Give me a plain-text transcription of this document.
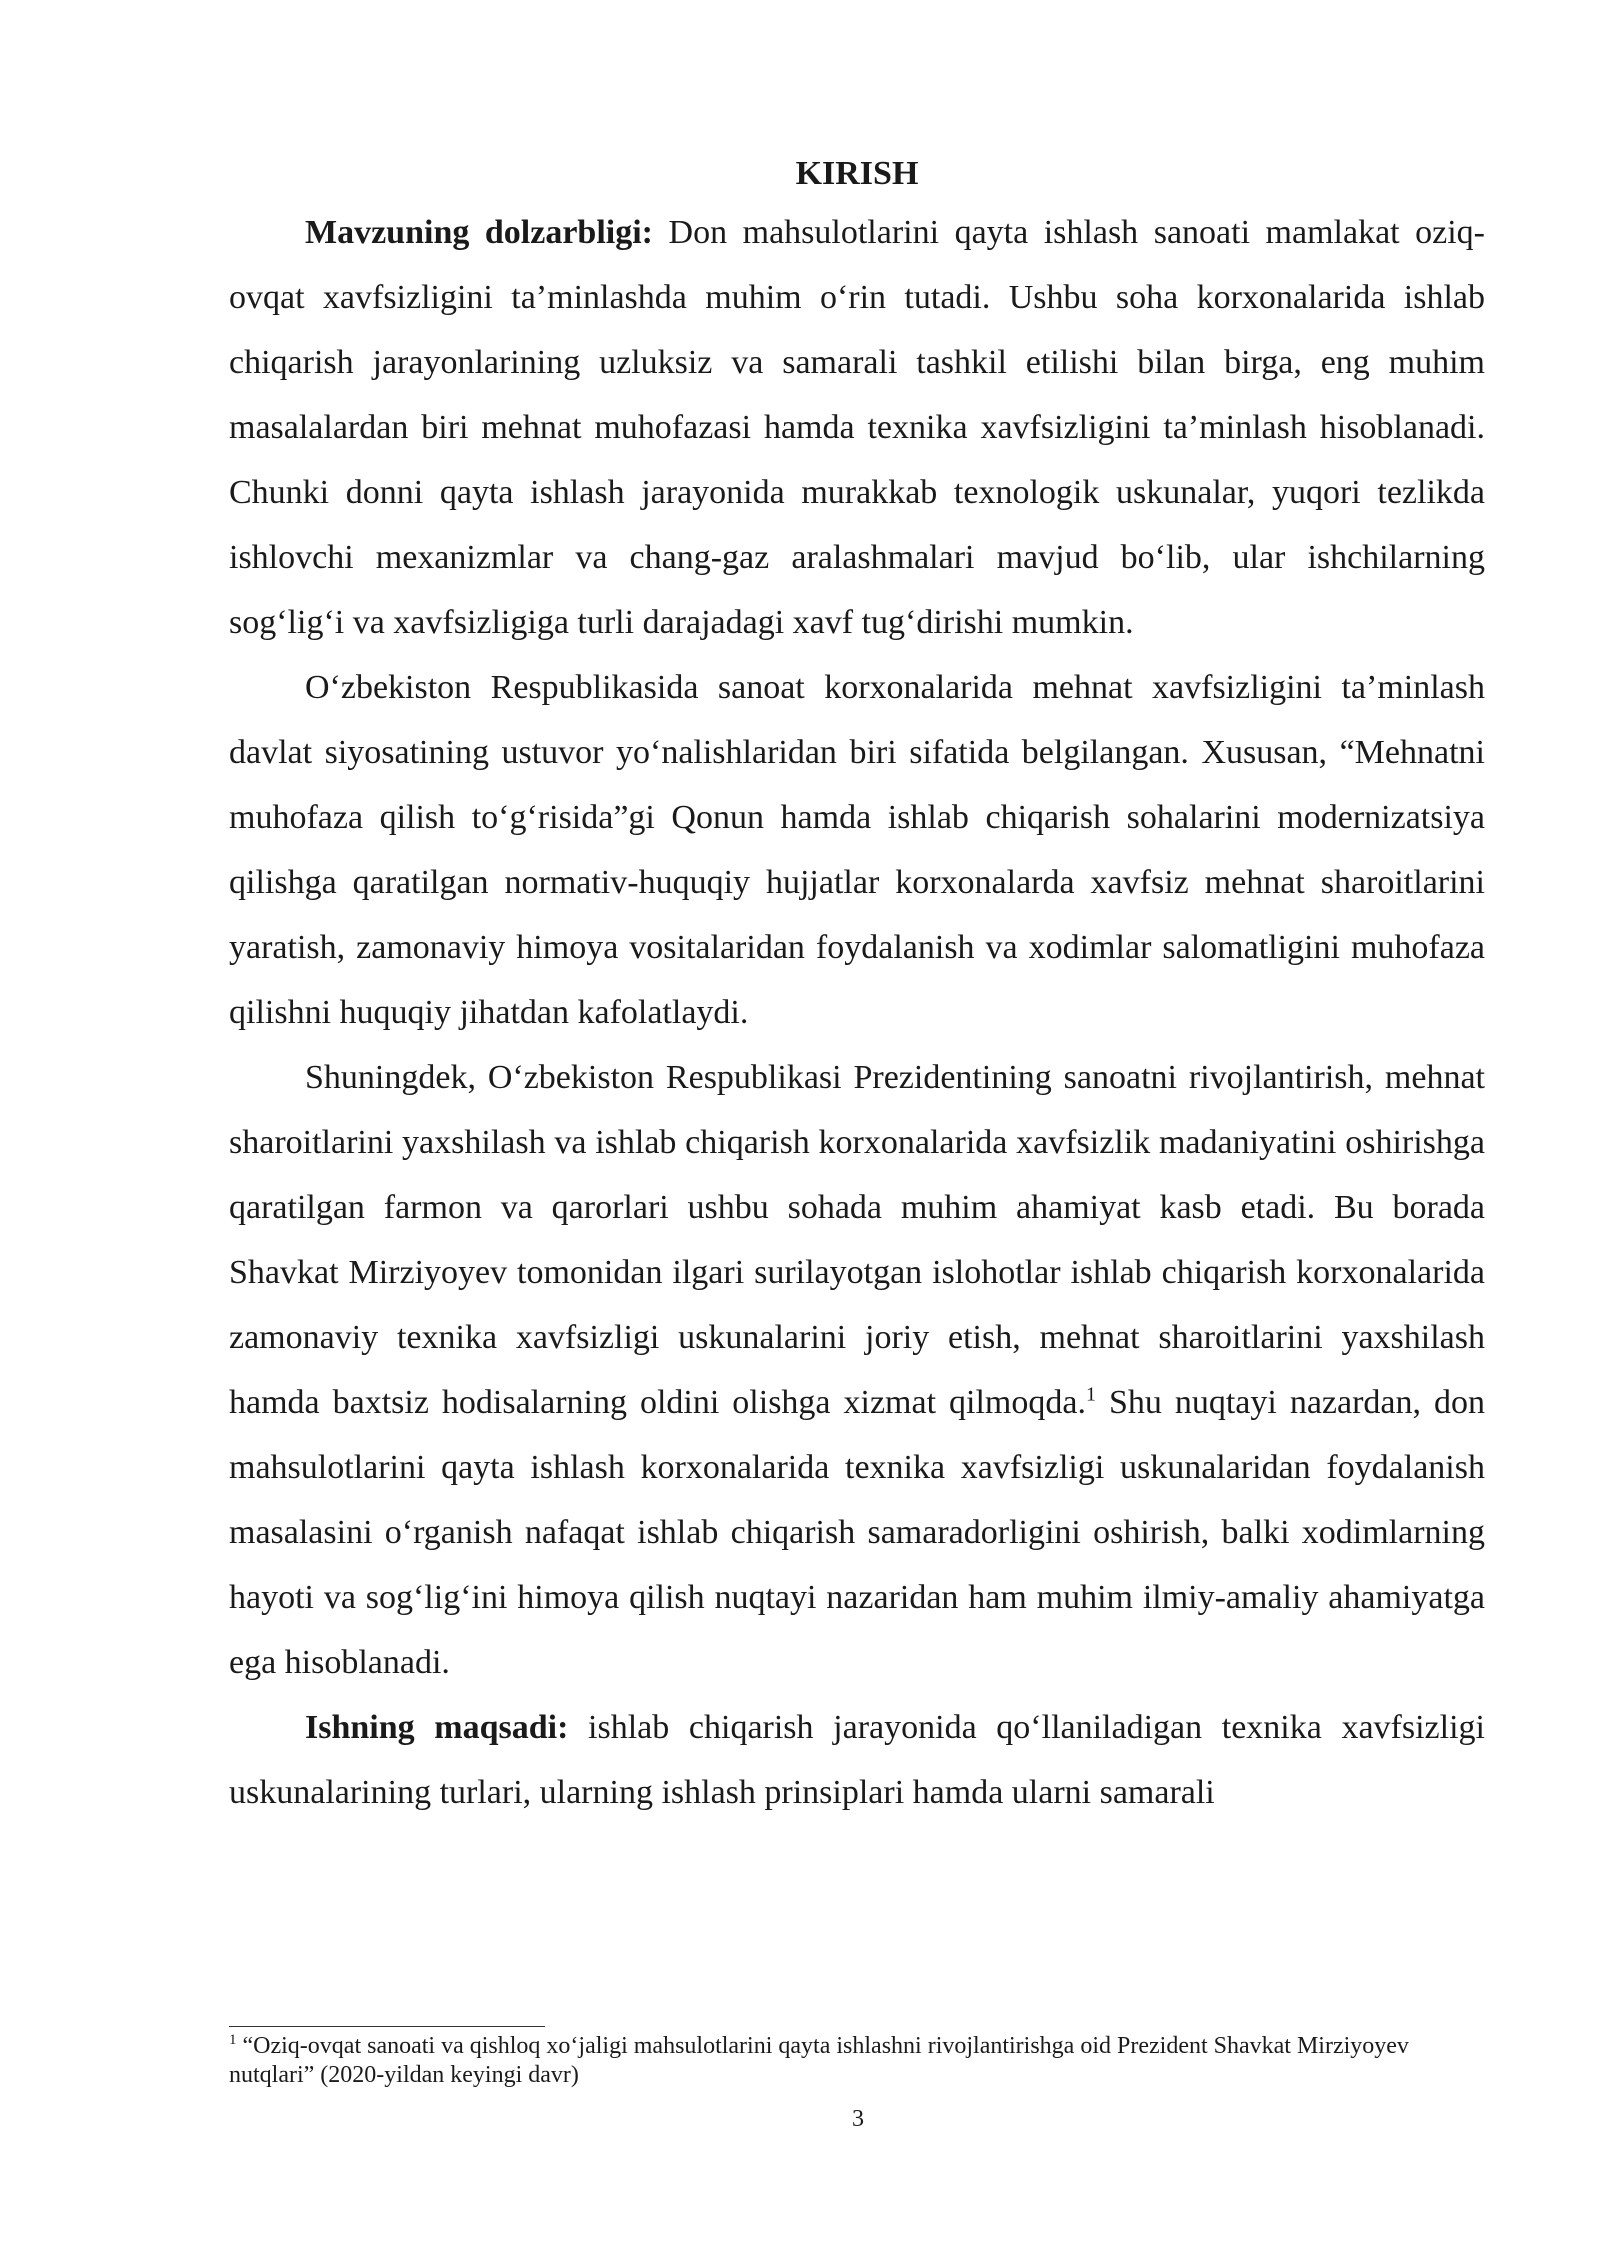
KIRISH

Mavzuning dolzarbligi: Don mahsulotlarini qayta ishlash sanoati mamlakat oziq-ovqat xavfsizligini ta’minlashda muhim oʻrin tutadi. Ushbu soha korxonalarida ishlab chiqarish jarayonlarining uzluksiz va samarali tashkil etilishi bilan birga, eng muhim masalalardan biri mehnat muhofazasi hamda texnika xavfsizligini ta’minlash hisoblanadi. Chunki donni qayta ishlash jarayonida murakkab texnologik uskunalar, yuqori tezlikda ishlovchi mexanizmlar va chang-gaz aralashmalari mavjud boʻlib, ular ishchilarning sogʻligʻi va xavfsizligiga turli darajadagi xavf tugʻdirishi mumkin.

Oʻzbekiston Respublikasida sanoat korxonalarida mehnat xavfsizligini ta’minlash davlat siyosatining ustuvor yoʻnalishlaridan biri sifatida belgilangan. Xususan, “Mehnatni muhofaza qilish toʻgʻrisida”gi Qonun hamda ishlab chiqarish sohalarini modernizatsiya qilishga qaratilgan normativ-huquqiy hujjatlar korxonalarda xavfsiz mehnat sharoitlarini yaratish, zamonaviy himoya vositalaridan foydalanish va xodimlar salomatligini muhofaza qilishni huquqiy jihatdan kafolatlaydi.

Shuningdek, Oʻzbekiston Respublikasi Prezidentining sanoatni rivojlantirish, mehnat sharoitlarini yaxshilash va ishlab chiqarish korxonalarida xavfsizlik madaniyatini oshirishga qaratilgan farmon va qarorlari ushbu sohada muhim ahamiyat kasb etadi. Bu borada Shavkat Mirziyoyev tomonidan ilgari surilayotgan islohotlar ishlab chiqarish korxonalarida zamonaviy texnika xavfsizligi uskunalarini joriy etish, mehnat sharoitlarini yaxshilash hamda baxtsiz hodisalarning oldini olishga xizmat qilmoqda.$^1$ Shu nuqtayi nazardan, don mahsulotlarini qayta ishlash korxonalarida texnika xavfsizligi uskunalaridan foydalanish masalasini oʻrganish nafaqat ishlab chiqarish samaradorligini oshirish, balki xodimlarning hayoti va sogʻligʻini himoya qilish nuqtayi nazaridan ham muhim ilmiy-amaliy ahamiyatga ega hisoblanadi.

Ishning maqsadi: ishlab chiqarish jarayonida qoʻllaniladigan texnika xavfsizligi uskunalarining turlari, ularning ishlash prinsiplari hamda ularni samarali

$^1$ “Oziq-ovqat sanoati va qishloq xoʻjaligi mahsulotlarini qayta ishlashni rivojlantirishga oid Prezident Shavkat Mirziyoyev nutqlari” (2020-yildan keyingi davr)

3
